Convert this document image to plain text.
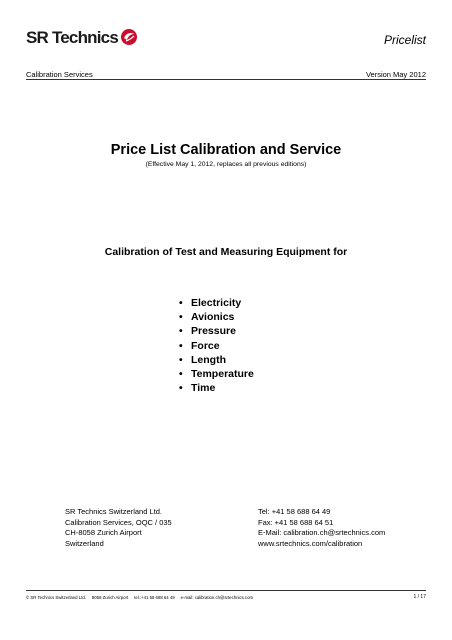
SR Technics	Pricelist
Calibration Services	Version May 2012
Price List Calibration and Service
(Effective May 1, 2012, replaces all previous editions)
Calibration of Test and Measuring Equipment for
• Electricity
• Avionics
• Pressure
• Force
• Length
• Temperature
• Time
SR Technics Switzerland Ltd.
Calibration Services, OQC / 035
CH-8058 Zurich Airport
Switzerland
Tel: +41 58 688 64 49
Fax: +41 58 688 64 51
E-Mail: calibration.ch@srtechnics.com
www.srtechnics.com/calibration
© SR Technics Switzerland Ltd.     8058 Zurich Airport     tel.:+41 58 688 64 49     e-mail: calibration.ch@srtechnics.com	1 / 17
